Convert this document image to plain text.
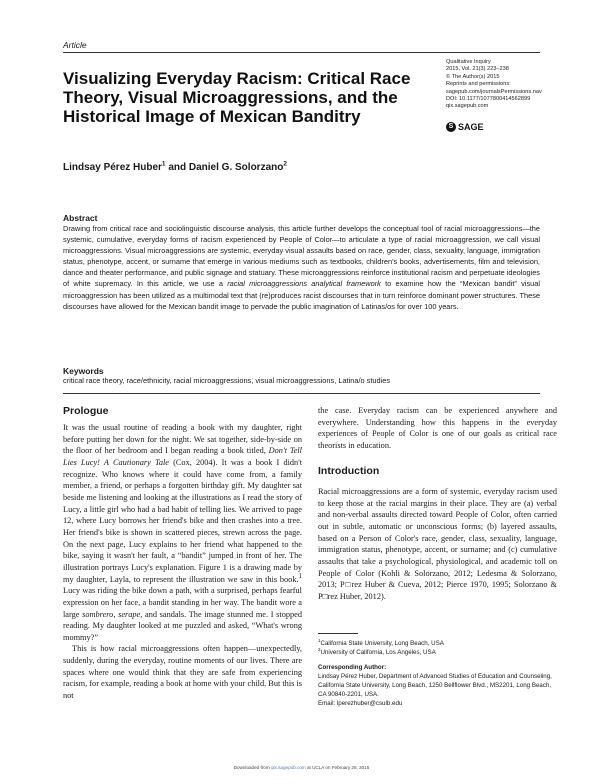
Article
Visualizing Everyday Racism: Critical Race Theory, Visual Microaggressions, and the Historical Image of Mexican Banditry
Qualitative Inquiry
2015, Vol. 21(3) 223–238
© The Author(s) 2015
Reprints and permissions:
sagepub.com/journalsPermissions.nav
DOI: 10.1177/1077800414562899
qix.sagepub.com
S SAGE
Lindsay Pérez Huber$^1$ and Daniel G. Solorzano$^2$
Abstract
Drawing from critical race and sociolinguistic discourse analysis, this article further develops the conceptual tool of racial microaggressions—the systemic, cumulative, everyday forms of racism experienced by People of Color—to articulate a type of racial microaggression, we call visual microaggressions. Visual microaggressions are systemic, everyday visual assaults based on race, gender, class, sexuality, language, immigration status, phenotype, accent, or surname that emerge in various mediums such as textbooks, children's books, advertisements, film and television, dance and theater performance, and public signage and statuary. These microaggressions reinforce institutional racism and perpetuate ideologies of white supremacy. In this article, we use a racial microaggressions analytical framework to examine how the “Mexican bandit” visual microaggression has been utilized as a multimodal text that (re)produces racist discourses that in turn reinforce dominant power structures. These discourses have allowed for the Mexican bandit image to pervade the public imagination of Latinas/os for over 100 years.
Keywords
critical race theory, race/ethnicity, racial microaggressions, visual microaggressions, Latina/o studies
Prologue

It was the usual routine of reading a book with my daughter, right before putting her down for the night. We sat together, side-by-side on the floor of her bedroom and I began reading a book titled, Don't Tell Lies Lucy! A Cautionary Tale (Cox, 2004). It was a book I didn't recognize. Who knows where it could have come from, a family member, a friend, or perhaps a forgotten birthday gift. My daughter sat beside me listening and looking at the illustrations as I read the story of Lucy, a little girl who had a bad habit of telling lies. We arrived to page 12, where Lucy borrows her friend's bike and then crashes into a tree. Her friend's bike is shown in scattered pieces, strewn across the page. On the next page, Lucy explains to her friend what happened to the bike, saying it wasn't her fault, a “bandit” jumped in front of her. The illustration portrays Lucy's explanation. Figure 1 is a drawing made by my daughter, Layla, to represent the illustration we saw in this book.$^1$ Lucy was riding the bike down a path, with a surprised, perhaps fearful expression on her face, a bandit standing in her way. The bandit wore a large sombrero, serape, and sandals. The image stunned me. I stopped reading. My daughter looked at me puzzled and asked, “What's wrong mommy?”

This is how racial microaggressions often happen—unexpectedly, suddenly, during the everyday, routine moments of our lives. There are spaces where one would think that they are safe from experiencing racism, for example, reading a book at home with your child. But this is not

the case. Everyday racism can be experienced anywhere and everywhere. Understanding how this happens in the everyday experiences of People of Color is one of our goals as critical race theorists in education.
Introduction
Racial microaggressions are a form of systemic, everyday racism used to keep those at the racial margins in their place. They are (a) verbal and non-verbal assaults directed toward People of Color, often carried out in subtle, automatic or unconscious forms; (b) layered assaults, based on a Person of Color's race, gender, class, sexuality, language, immigration status, phenotype, accent, or surname; and (c) cumulative assaults that take a psychological, physiological, and academic toll on People of Color (Kohli & Solorzano, 2012; Ledesma & Solorzano, 2013; P□rez Huber & Cueva, 2012; Pierce 1970, 1995; Solorzano & P□rez Huber, 2012).
$^1$California State University, Long Beach, USA
$^2$University of California, Los Angeles, USA
Corresponding Author:
Lindsay Pérez Huber, Department of Advanced Studies of Education and Counseling, California State University, Long Beach, 1250 Bellflower Blvd., MS2201, Long Beach, CA 90840-2201, USA.
Email: lperezhuber@csulb.edu
Downloaded from qix.sagepub.com at UCLA on February 28, 2015
